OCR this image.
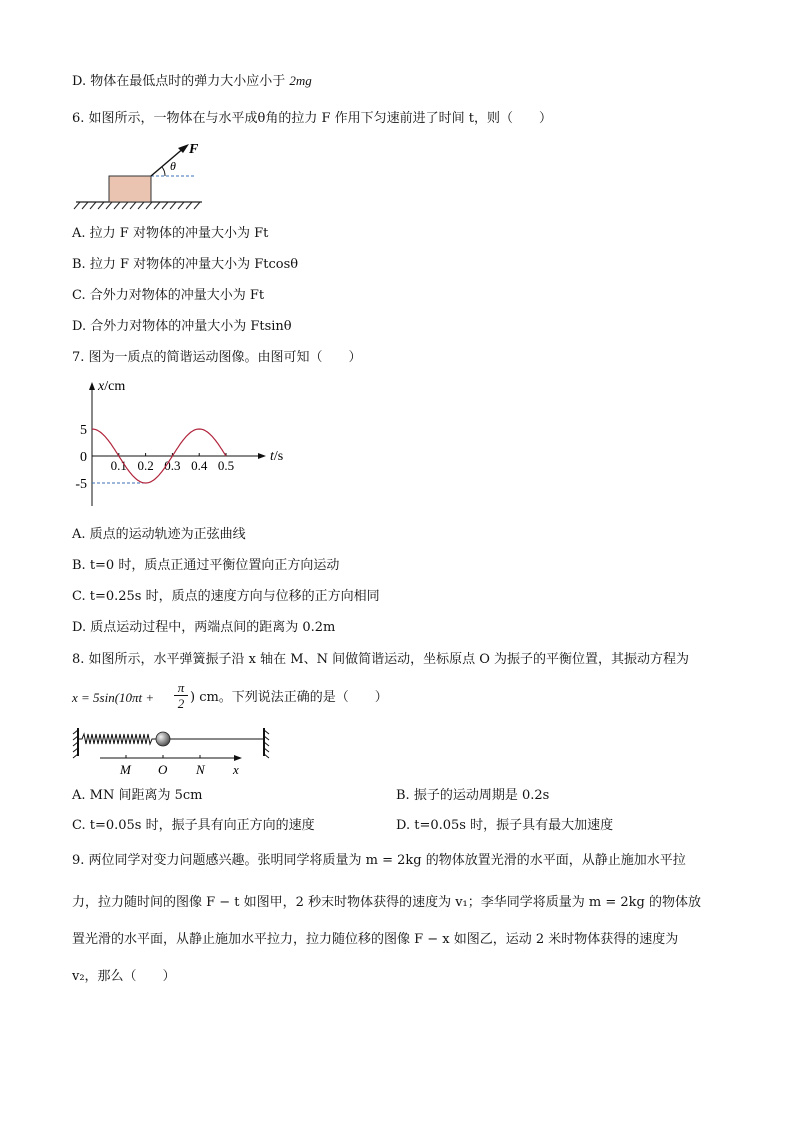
D. 物体在最低点时的弹力大小应小于 2mg
6. 如图所示，一物体在与水平成θ角的拉力 F 作用下匀速前进了时间 t，则（　　）
F
θ
A. 拉力 F 对物体的冲量大小为 Ft
B. 拉力 F 对物体的冲量大小为 Ftcosθ
C. 合外力对物体的冲量大小为 Ft
D. 合外力对物体的冲量大小为 Ftsinθ
7. 图为一质点的简谐运动图像。由图可知（　　）
x/cm
t/s
5
0
-5
0.1 0.2 0.3 0.4 0.5
A. 质点的运动轨迹为正弦曲线
B. t=0 时，质点正通过平衡位置向正方向运动
C. t=0.25s 时，质点的速度方向与位移的正方向相同
D. 质点运动过程中，两端点间的距离为 0.2m
8. 如图所示，水平弹簧振子沿 x 轴在 M、N 间做简谐运动，坐标原点 O 为振子的平衡位置，其振动方程为
$x = 5\sin(10\pi t + \frac{\pi}{2}$ ) cm。下列说法正确的是（　　）
M O N x
A. MN 间距离为 5cm	B. 振子的运动周期是 0.2s
C. t=0.05s 时，振子具有向正方向的速度	D. t=0.05s 时，振子具有最大加速度
9. 两位同学对变力问题感兴趣。张明同学将质量为 m = 2kg 的物体放置光滑的水平面，从静止施加水平拉
力，拉力随时间的图像 F − t 如图甲，2 秒末时物体获得的速度为 v₁；李华同学将质量为 m = 2kg 的物体放
置光滑的水平面，从静止施加水平拉力，拉力随位移的图像 F − x 如图乙，运动 2 米时物体获得的速度为
v₂，那么（　　）
